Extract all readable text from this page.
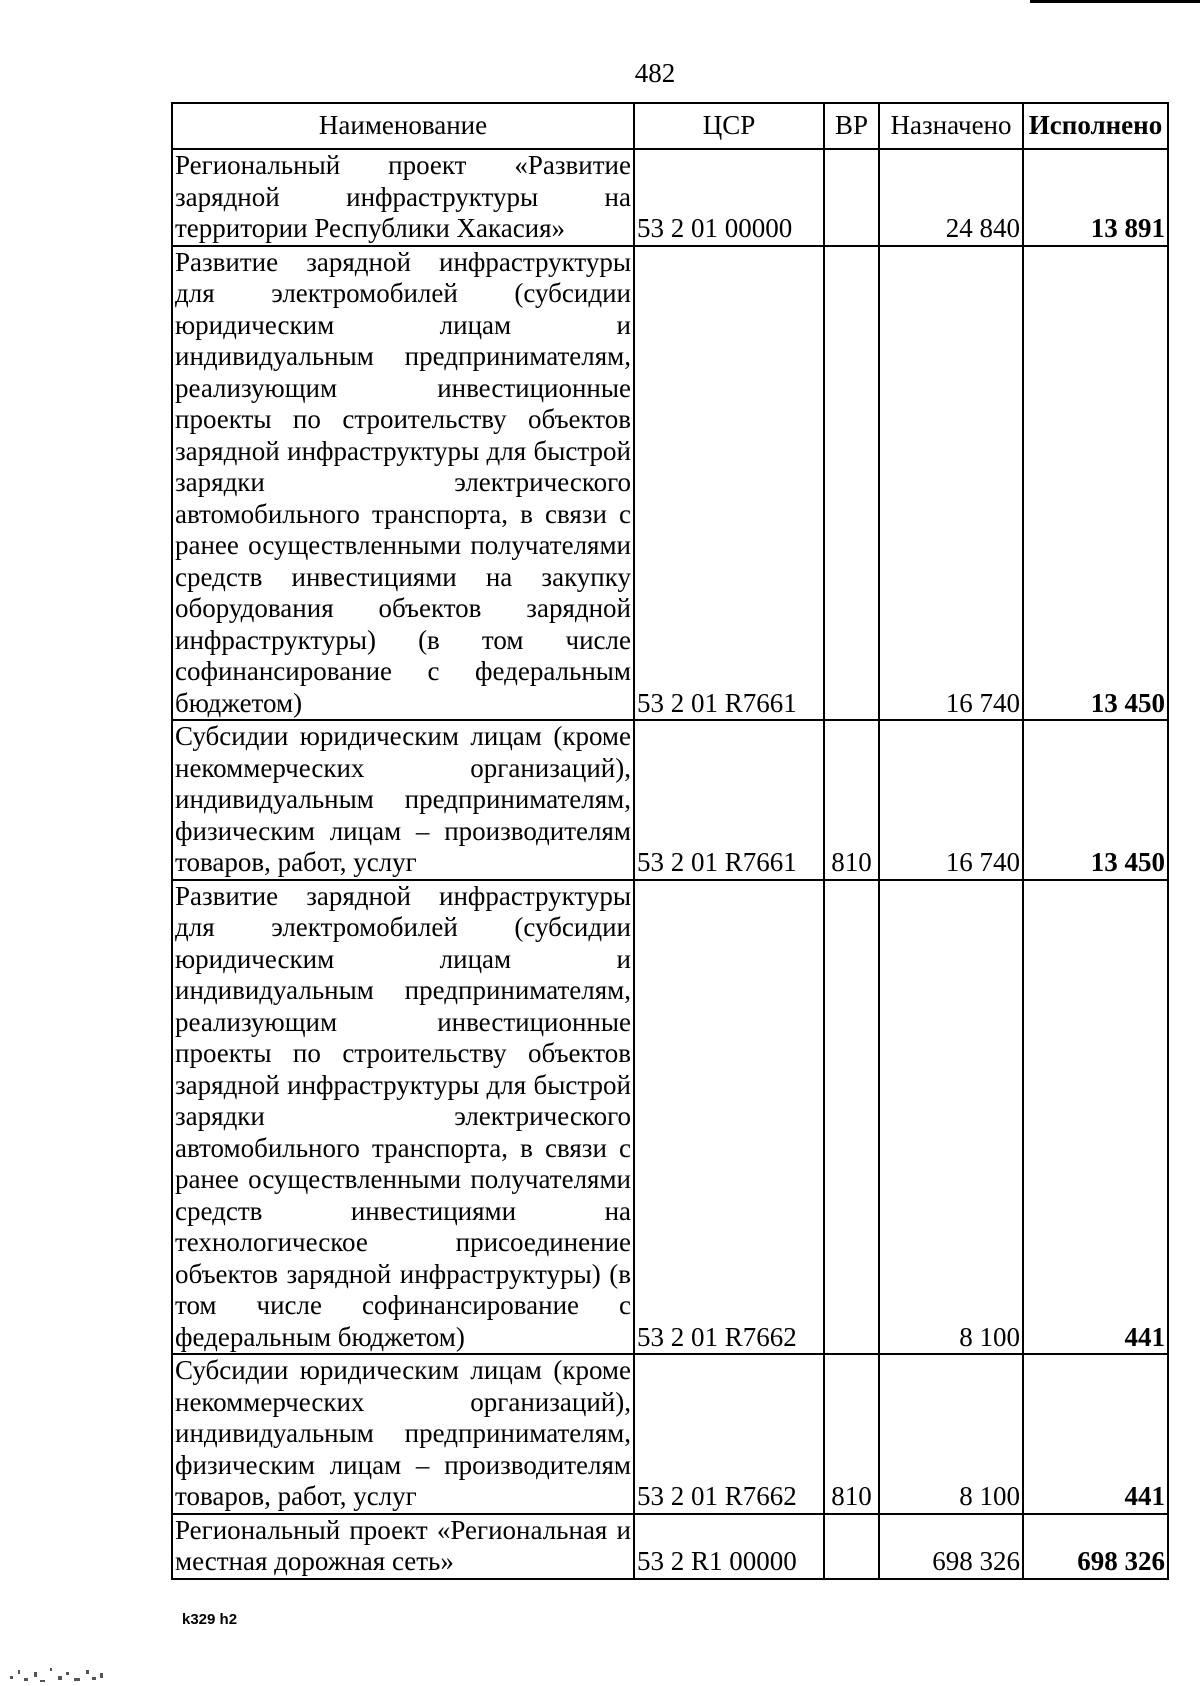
482
Наименование	ЦСР	ВР	Назначено	Исполнено
Региональный проект «Развитие зарядной инфраструктуры на территории Республики Хакасия»	53 2 01 00000		24 840	13 891
Развитие зарядной инфраструктуры для электромобилей (субсидии юридическим лицам и индивидуальным предпринимателям, реализующим инвестиционные проекты по строительству объектов зарядной инфраструктуры для быстрой зарядки электрического автомобильного транспорта, в связи с ранее осуществленными получателями средств инвестициями на закупку оборудования объектов зарядной инфраструктуры) (в том числе софинансирование с федеральным бюджетом)	53 2 01 R7661		16 740	13 450
Субсидии юридическим лицам (кроме некоммерческих организаций), индивидуальным предпринимателям, физическим лицам – производителям товаров, работ, услуг	53 2 01 R7661	810	16 740	13 450
Развитие зарядной инфраструктуры для электромобилей (субсидии юридическим лицам и индивидуальным предпринимателям, реализующим инвестиционные проекты по строительству объектов зарядной инфраструктуры для быстрой зарядки электрического автомобильного транспорта, в связи с ранее осуществленными получателями средств инвестициями на технологическое присоединение объектов зарядной инфраструктуры) (в том числе софинансирование с федеральным бюджетом)	53 2 01 R7662		8 100	441
Субсидии юридическим лицам (кроме некоммерческих организаций), индивидуальным предпринимателям, физическим лицам – производителям товаров, работ, услуг	53 2 01 R7662	810	8 100	441
Региональный проект «Региональная и местная дорожная сеть»	53 2 R1 00000		698 326	698 326
k329 h2
